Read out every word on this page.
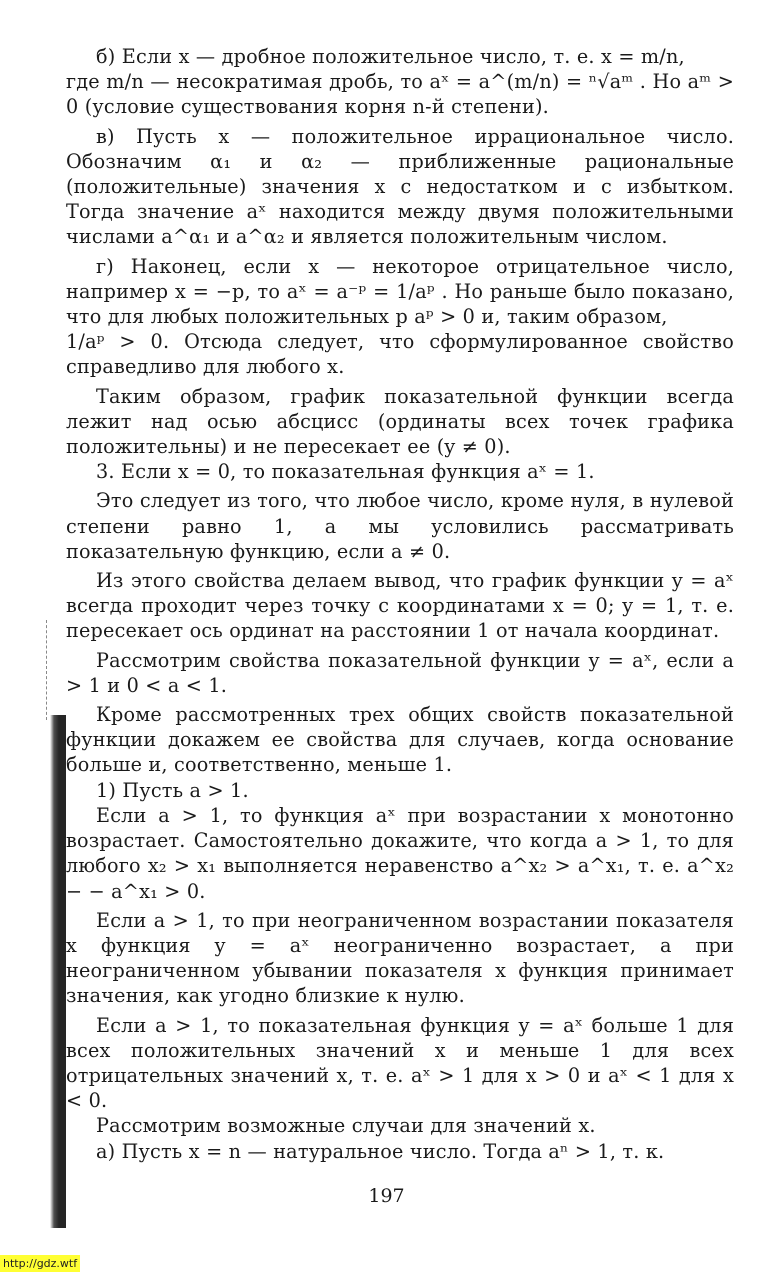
б) Если x — дробное положительное число, т. е. x = m/n,

где m/n — несократимая дробь, то aˣ = a^(m/n) = ⁿ√aᵐ . Но aᵐ > 0 (условие существования корня n-й степени).

в) Пусть x — положительное иррациональное число. Обозначим α₁ и α₂ — приближенные рациональные (положительные) значения x с недостатком и с избытком. Тогда значение aˣ находится между двумя положительными числами a^α₁ и a^α₂ и является положительным числом.

г) Наконец, если x — некоторое отрицательное число, например x = −p, то aˣ = a⁻ᵖ = 1/aᵖ . Но раньше было показано, что для любых положительных p aᵖ > 0 и, таким образом,

1/aᵖ > 0. Отсюда следует, что сформулированное свойство справедливо для любого x.

Таким образом, график показательной функции всегда лежит над осью абсцисс (ординаты всех точек графика положительны) и не пересекает ее (y ≠ 0).

3. Если x = 0, то показательная функция aˣ = 1.

Это следует из того, что любое число, кроме нуля, в нулевой степени равно 1, а мы условились рассматривать показательную функцию, если a ≠ 0.

Из этого свойства делаем вывод, что график функции y = aˣ всегда проходит через точку с координатами x = 0; y = 1, т. е. пересекает ось ординат на расстоянии 1 от начала координат.

Рассмотрим свойства показательной функции y = aˣ, если a > 1 и 0 < a < 1.

Кроме рассмотренных трех общих свойств показательной функции докажем ее свойства для случаев, когда основание больше и, соответственно, меньше 1.

1) Пусть a > 1.

Если a > 1, то функция aˣ при возрастании x монотонно возрастает. Самостоятельно докажите, что когда a > 1, то для любого x₂ > x₁ выполняется неравенство a^x₂ > a^x₁, т. е. a^x₂ − − a^x₁ > 0.

Если a > 1, то при неограниченном возрастании показателя x функция y = aˣ неограниченно возрастает, а при неограниченном убывании показателя x функция принимает значения, как угодно близкие к нулю.

Если a > 1, то показательная функция y = aˣ больше 1 для всех положительных значений x и меньше 1 для всех отрицательных значений x, т. е. aˣ > 1 для x > 0 и aˣ < 1 для x < 0.

Рассмотрим возможные случаи для значений x.

а) Пусть x = n — натуральное число. Тогда aⁿ > 1, т. к.

197
http://gdz.wtf
